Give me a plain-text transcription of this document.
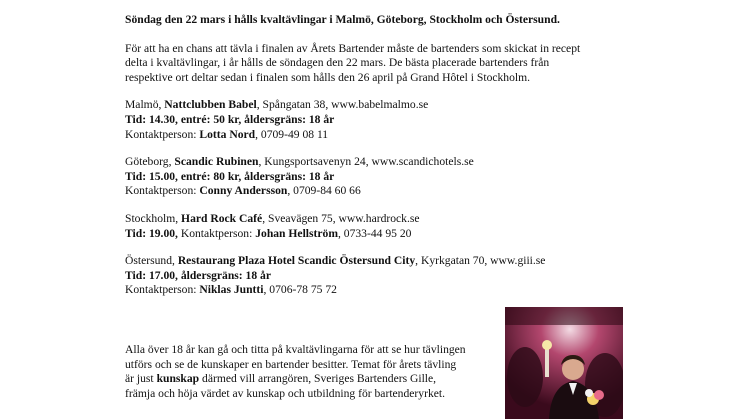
Söndag den 22 mars i hålls kvaltävlingar i Malmö, Göteborg, Stockholm och Östersund.

För att ha en chans att tävla i finalen av Årets Bartender måste de bartenders som skickat in recept

delta i kvaltävlingar, i år hålls de söndagen den 22 mars. De bästa placerade bartenders från

respektive ort deltar sedan i finalen som hålls den 26 april på Grand Hôtel i Stockholm.

Malmö, Nattclubben Babel, Spångatan 38, www.babelmalmo.se

Tid: 14.30, entré: 50 kr, åldersgräns: 18 år

Kontaktperson: Lotta Nord, 0709-49 08 11

Göteborg, Scandic Rubinen, Kungsportsavenyn 24, www.scandichotels.se

Tid: 15.00, entré: 80 kr, åldersgräns: 18 år

Kontaktperson: Conny Andersson, 0709-84 60 66

Stockholm, Hard Rock Café, Sveavägen 75, www.hardrock.se

Tid: 19.00, Kontaktperson: Johan Hellström, 0733-44 95 20

Östersund, Restaurang Plaza Hotel Scandic Östersund City, Kyrkgatan 70, www.giii.se

Tid: 17.00, åldersgräns: 18 år

Kontaktperson: Niklas Juntti, 0706-78 75 72

Alla över 18 år kan gå och titta på kvaltävlingarna för att se hur tävlingen

utförs och se de kunskaper en bartender besitter. Temat för årets tävling

är just kunskap därmed vill arrangören, Sveriges Bartenders Gille,

främja och höja värdet av kunskap och utbildning för bartenderyrket.
